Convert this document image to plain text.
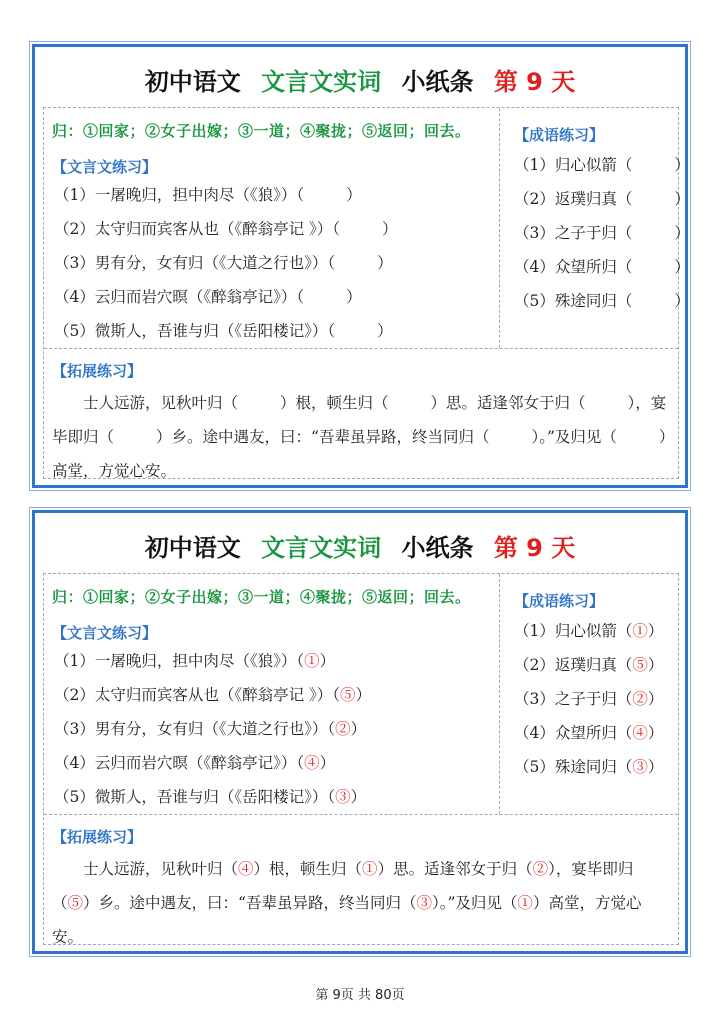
初中语文 文言文实词 小纸条 第 9 天
归：①回家；②女子出嫁；③一道；④聚拢；⑤返回；回去。	【成语练习】
【文言文练习】
（1）一屠晚归，担中肉尽（《狼》）（	）
（2）太守归而宾客从也（《醉翁亭记 》）（	）
（3）男有分，女有归（《大道之行也》）（	）
（4）云归而岩穴暝（《醉翁亭记》）（	）
（5）微斯人，吾谁与归（《岳阳楼记》）（	）
（1）归心似箭（	）
（2）返璞归真（	）
（3）之子于归（	）
（4）众望所归（	）
（5）殊途同归（	）
【拓展练习】

士人远游，见秋叶归（	）根，顿生归（	）思。适逢邻女于归（	），宴毕即归（	）乡。途中遇友，曰：“吾辈虽异路，终当同归（	）。”及归见（	）高堂，方觉心安。

初中语文 文言文实词 小纸条 第 9 天
归：①回家；②女子出嫁；③一道；④聚拢；⑤返回；回去。	【成语练习】
【文言文练习】
（1）一屠晚归，担中肉尽（《狼》）（①）
（2）太守归而宾客从也（《醉翁亭记 》）（⑤）
（3）男有分，女有归（《大道之行也》）（②）
（4）云归而岩穴暝（《醉翁亭记》）（④）
（5）微斯人，吾谁与归（《岳阳楼记》）（③）
（1）归心似箭（①）
（2）返璞归真（⑤）
（3）之子于归（②）
（4）众望所归（④）
（5）殊途同归（③）
【拓展练习】

士人远游，见秋叶归（④）根，顿生归（①）思。适逢邻女于归（②），宴毕即归（⑤）乡。途中遇友，曰：“吾辈虽异路，终当同归（③）。”及归见（①）高堂，方觉心安。

第 9页 共 80页
